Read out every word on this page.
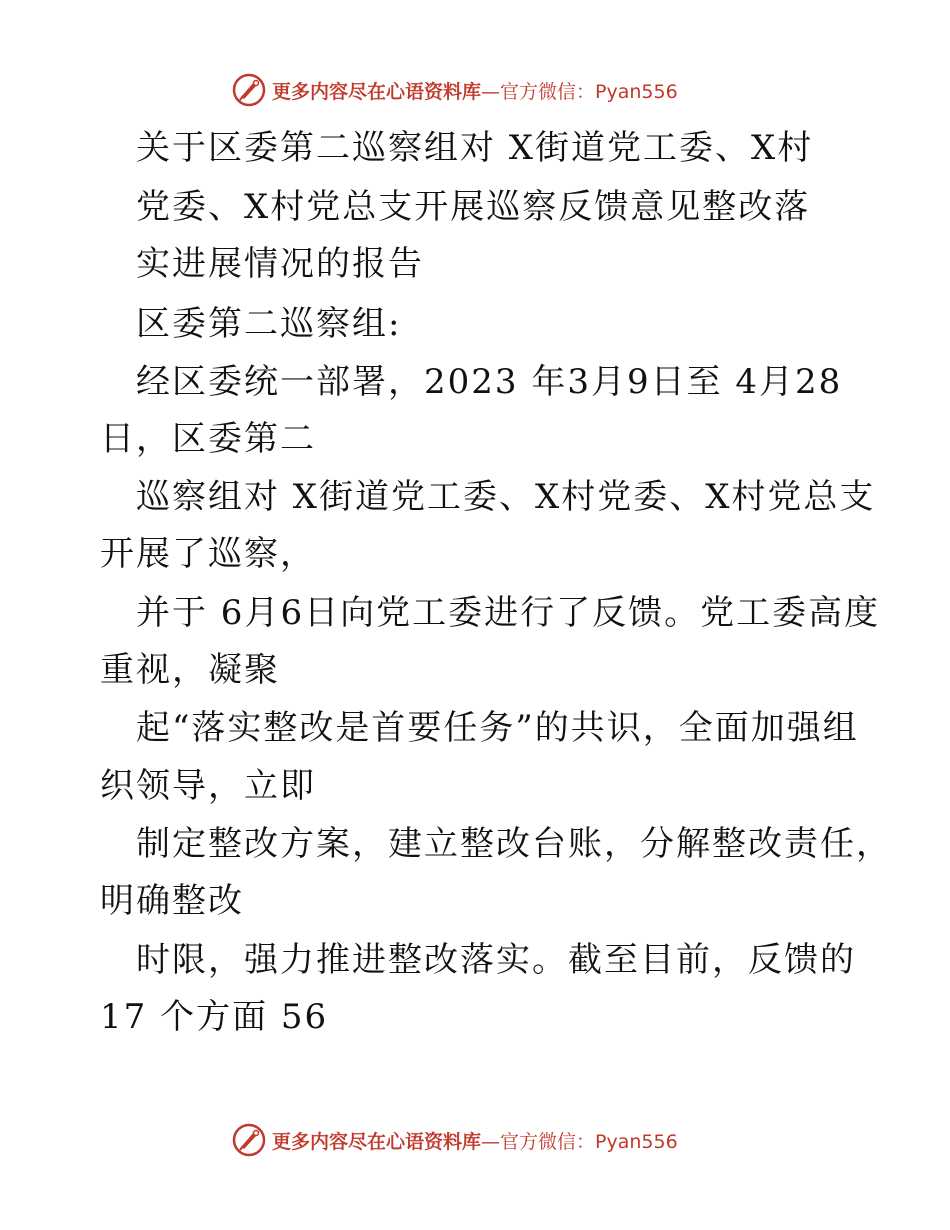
更多内容尽在心语资料库—官方微信：Pyan556
关于区委第二巡察组对 X街道党工委、X村
党委、X村党总支开展巡察反馈意见整改落
实进展情况的报告
区委第二巡察组:
经区委统一部署，2023 年3月9日至 4月28
日，区委第二
巡察组对 X街道党工委、X村党委、X村党总支
开展了巡察，
并于 6月6日向党工委进行了反馈。党工委高度
重视，凝聚
起“落实整改是首要任务”的共识，全面加强组
织领导，立即
制定整改方案，建立整改台账，分解整改责任，
明确整改
时限，强力推进整改落实。截至目前，反馈的
17 个方面 56
更多内容尽在心语资料库—官方微信：Pyan556
